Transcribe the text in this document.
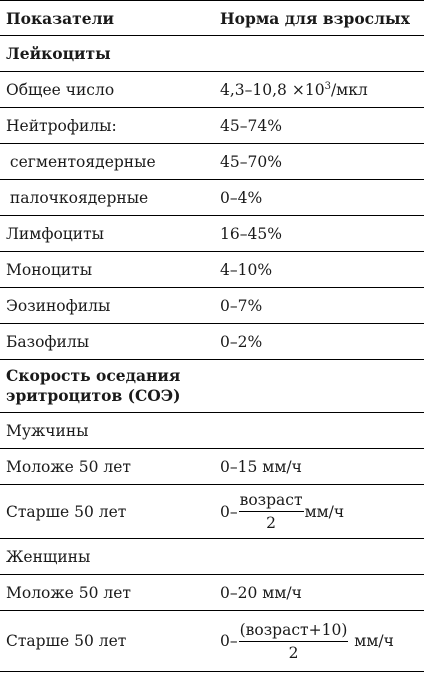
Показатели	Норма для взрослых
Лейкоциты	
Общее число	$4,3-10,8 \times 10^3$/мкл
Нейтрофилы:	45–74%
сегментоядерные	45–70%
палочкоядерные	0–4%
Лимфоциты	16–45%
Моноциты	4–10%
Эозинофилы	0–7%
Базофилы	0–2%
Скорость оседания эритроцитов (СОЭ)	
Мужчины	
Моложе 50 лет	0–15 мм/ч
Старше 50 лет	$0- \frac{\text{возраст}}{2} мм/ч$

Женщины	
Моложе 50 лет	0–20 мм/ч
Старше 50 лет	$0- \frac{\text{(возраст+10)}}{2} мм/ч$
